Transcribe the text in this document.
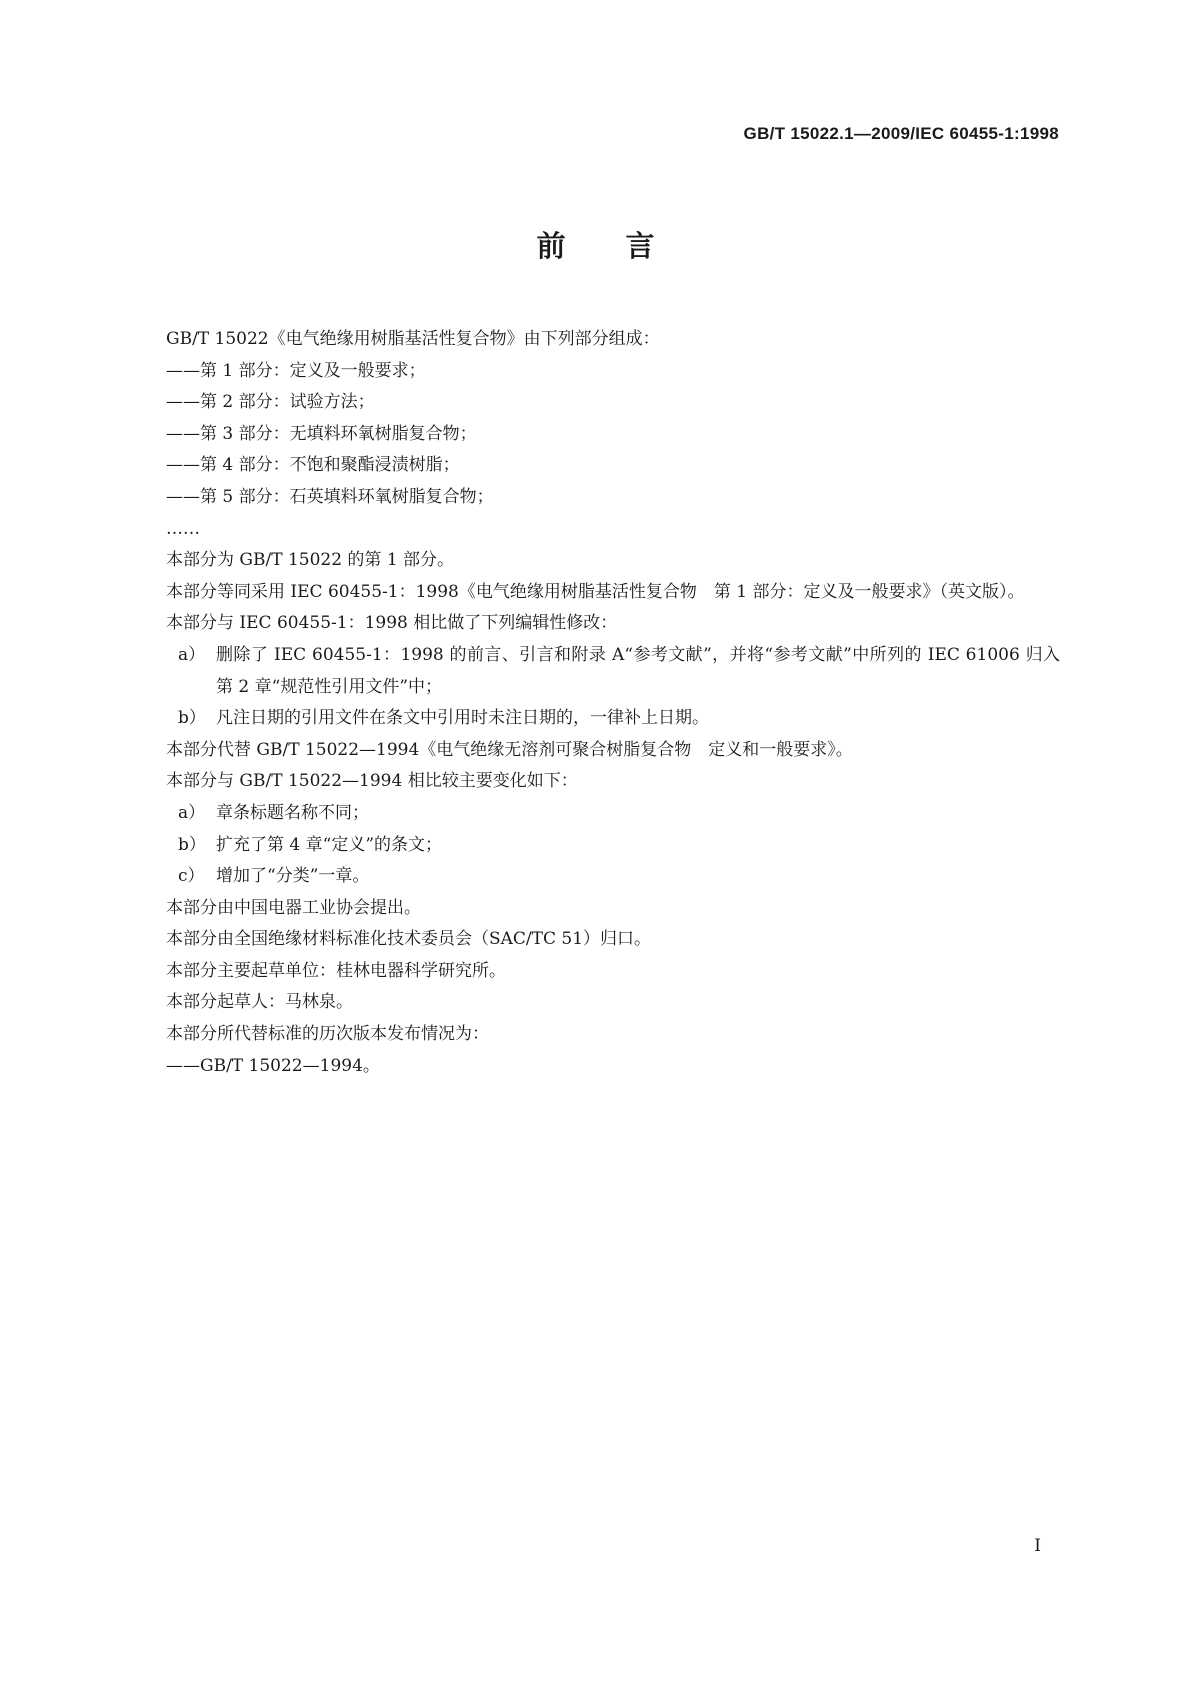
GB/T 15022.1—2009/IEC 60455-1:1998
前言
GB/T 15022《电气绝缘用树脂基活性复合物》由下列部分组成：
——第 1 部分：定义及一般要求；
——第 2 部分：试验方法；
——第 3 部分：无填料环氧树脂复合物；
——第 4 部分：不饱和聚酯浸渍树脂；
——第 5 部分：石英填料环氧树脂复合物；
……
本部分为 GB/T 15022 的第 1 部分。
本部分等同采用 IEC 60455-1：1998《电气绝缘用树脂基活性复合物　第 1 部分：定义及一般要求》（英文版）。
本部分与 IEC 60455-1：1998 相比做了下列编辑性修改：
a） 删除了 IEC 60455-1：1998 的前言、引言和附录 A“参考文献”，并将“参考文献”中所列的 IEC 61006 归入第 2 章“规范性引用文件”中；
b） 凡注日期的引用文件在条文中引用时未注日期的，一律补上日期。
本部分代替 GB/T 15022—1994《电气绝缘无溶剂可聚合树脂复合物　定义和一般要求》。
本部分与 GB/T 15022—1994 相比较主要变化如下：
a） 章条标题名称不同；
b） 扩充了第 4 章“定义”的条文；
c） 增加了“分类”一章。
本部分由中国电器工业协会提出。
本部分由全国绝缘材料标准化技术委员会（SAC/TC 51）归口。
本部分主要起草单位：桂林电器科学研究所。
本部分起草人：马林泉。
本部分所代替标准的历次版本发布情况为：
——GB/T 15022—1994。
I
